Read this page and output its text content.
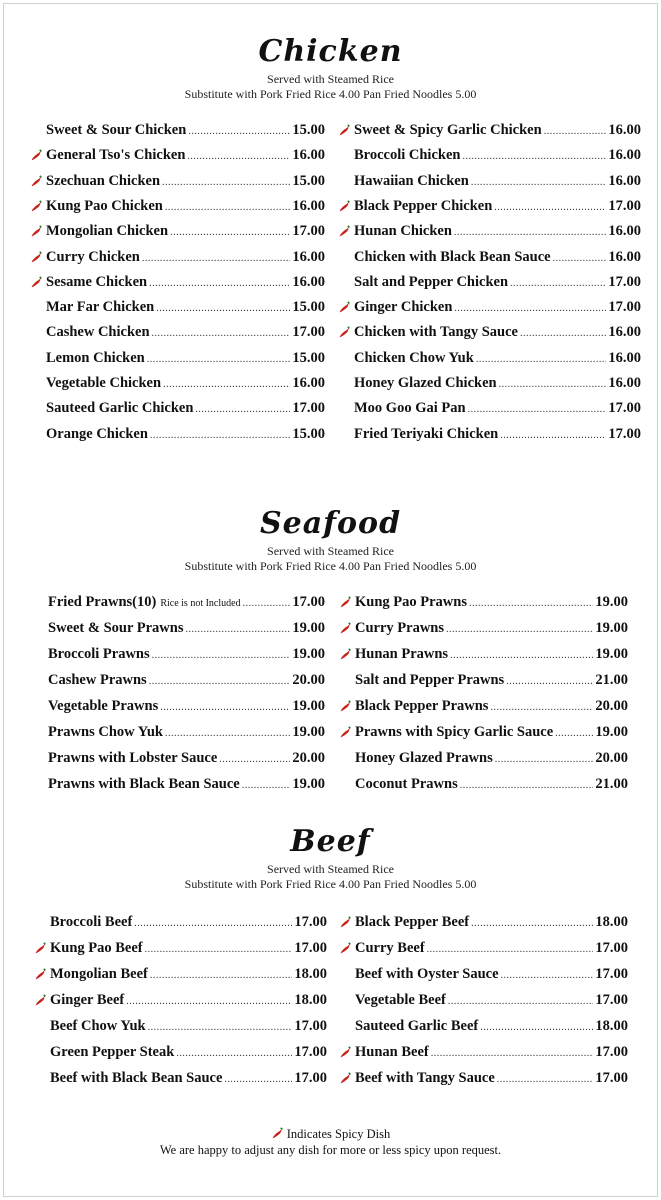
Chicken
Served with Steamed Rice
Substitute with Pork Fried Rice 4.00 Pan Fried Noodles 5.00
Sweet & Sour Chicken .....	15.00
General Tso's Chicken .....	16.00
Szechuan Chicken .....	15.00
Kung Pao Chicken .....	16.00
Mongolian Chicken .....	17.00
Curry Chicken .....	16.00
Sesame Chicken .....	16.00
Mar Far Chicken .....	15.00
Cashew Chicken .....	17.00
Lemon Chicken .....	15.00
Vegetable Chicken .....	16.00
Sauteed Garlic Chicken .....	17.00
Orange Chicken .....	15.00
Sweet & Spicy Garlic Chicken .....	16.00
Broccoli Chicken .....	16.00
Hawaiian Chicken .....	16.00
Black Pepper Chicken .....	17.00
Hunan Chicken .....	16.00
Chicken with Black Bean Sauce .....	16.00
Salt and Pepper Chicken .....	17.00
Ginger Chicken .....	17.00
Chicken with Tangy Sauce .....	16.00
Chicken Chow Yuk .....	16.00
Honey Glazed Chicken .....	16.00
Moo Goo Gai Pan .....	17.00
Fried Teriyaki Chicken .....	17.00
Seafood
Served with Steamed Rice
Substitute with Pork Fried Rice 4.00 Pan Fried Noodles 5.00
Fried Prawns(10) Rice is not Included .....	17.00
Sweet & Sour Prawns .....	19.00
Broccoli Prawns .....	19.00
Cashew Prawns .....	20.00
Vegetable Prawns .....	19.00
Prawns Chow Yuk .....	19.00
Prawns with Lobster Sauce .....	20.00
Prawns with Black Bean Sauce .....	19.00
Kung Pao Prawns .....	19.00
Curry Prawns .....	19.00
Hunan Prawns .....	19.00
Salt and Pepper Prawns .....	21.00
Black Pepper Prawns .....	20.00
Prawns with Spicy Garlic Sauce .....	19.00
Honey Glazed Prawns .....	20.00
Coconut Prawns .....	21.00
Beef
Served with Steamed Rice
Substitute with Pork Fried Rice 4.00 Pan Fried Noodles 5.00
Broccoli Beef .....	17.00
Kung Pao Beef .....	17.00
Mongolian Beef .....	18.00
Ginger Beef .....	18.00
Beef Chow Yuk .....	17.00
Green Pepper Steak .....	17.00
Beef with Black Bean Sauce .....	17.00
Black Pepper Beef .....	18.00
Curry Beef .....	17.00
Beef with Oyster Sauce .....	17.00
Vegetable Beef .....	17.00
Sauteed Garlic Beef .....	18.00
Hunan Beef .....	17.00
Beef with Tangy Sauce .....	17.00
Indicates Spicy Dish
We are happy to adjust any dish for more or less spicy upon request.
